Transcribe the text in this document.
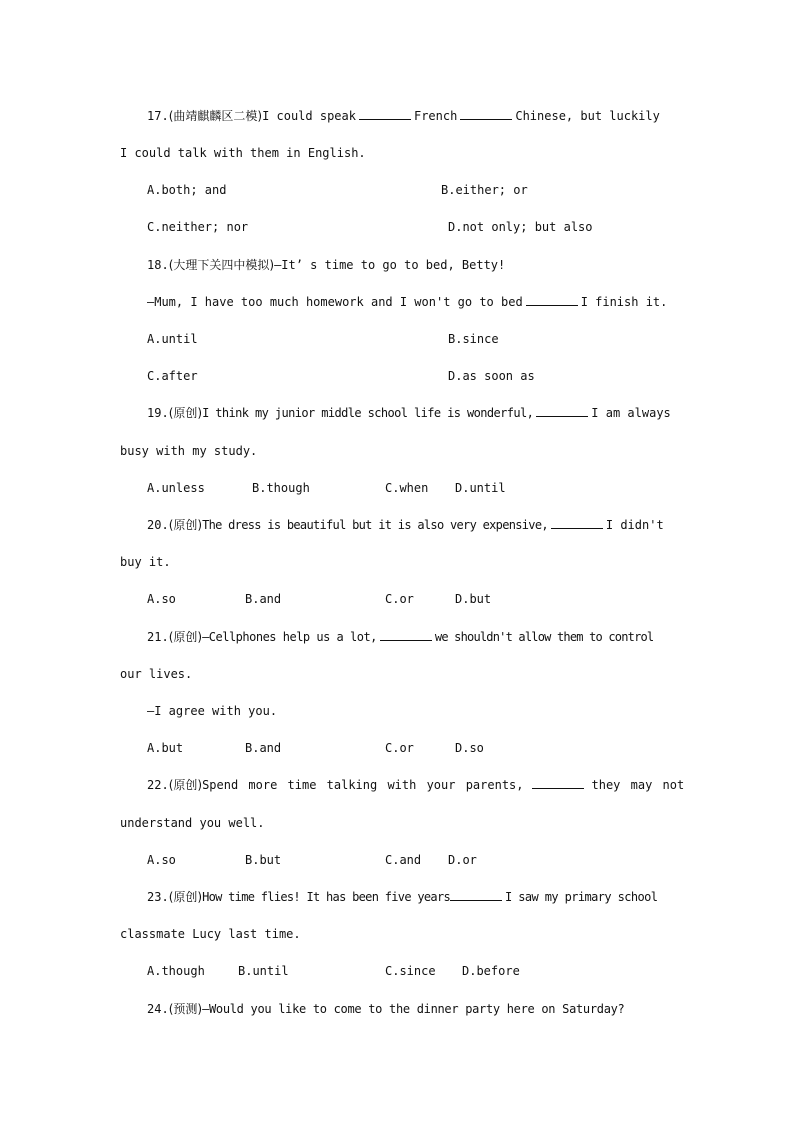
17.(曲靖麒麟区二模)I could speak	French	Chinese, but luckily
I could talk with them in English.
A.both; and	B.either; or
C.neither; nor	D.not only; but also
18.(大理下关四中模拟)—It’ s time to go to bed, Betty!
—Mum, I have too much homework and I won't go to bed	I finish it.
A.until	B.since
C.after	D.as soon as
19.(原创)I think my junior middle school life is wonderful,	I am always
busy with my study.
A.unless	B.though	C.when D.until
20.(原创)The dress is beautiful but it is also very expensive,	I didn't
buy it.
A.so	B.and	C.or	D.but
21.(原创)—Cellphones help us a lot,	we shouldn't allow them to control
our lives.
—I agree with you.
A.but	B.and	C.or	D.so
22.(原创)Spend more time talking with your parents,	they may not
understand you well.
A.so	B.but	C.and D.or
23.(原创)How time flies! It has been five years	I saw my primary school
classmate Lucy last time.
A.though	B.until	C.since D.before
24.(预测)—Would you like to come to the dinner party here on Saturday?
